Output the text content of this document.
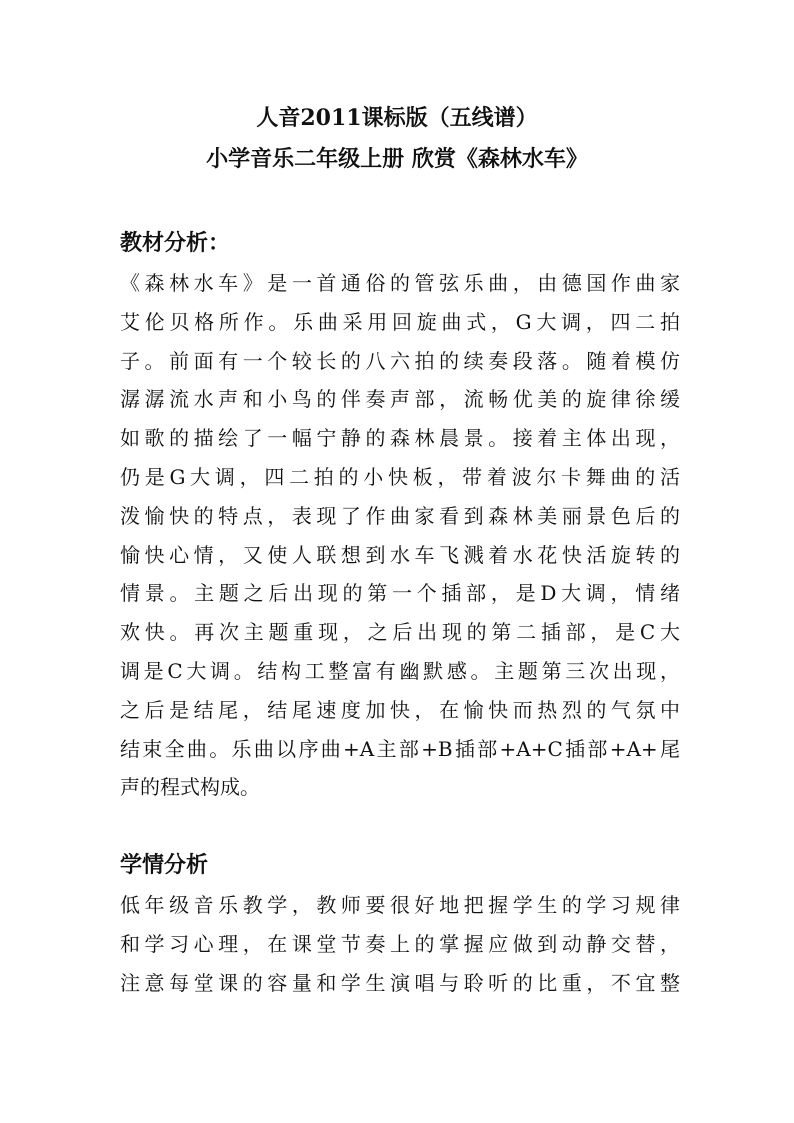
人音2011课标版（五线谱）
小学音乐二年级上册 欣赏《森林水车》
教材分析：
《森林水车》是一首通俗的管弦乐曲，由德国作曲家
艾伦贝格所作。乐曲采用回旋曲式，G大调，四二拍
子。前面有一个较长的八六拍的续奏段落。随着模仿
潺潺流水声和小鸟的伴奏声部，流畅优美的旋律徐缓
如歌的描绘了一幅宁静的森林晨景。接着主体出现，
仍是G大调，四二拍的小快板，带着波尔卡舞曲的活
泼愉快的特点，表现了作曲家看到森林美丽景色后的
愉快心情，又使人联想到水车飞溅着水花快活旋转的
情景。主题之后出现的第一个插部，是D大调，情绪
欢快。再次主题重现，之后出现的第二插部，是C大
调是C大调。结构工整富有幽默感。主题第三次出现，
之后是结尾，结尾速度加快，在愉快而热烈的气氛中
结束全曲。乐曲以序曲+A主部+B插部+A+C插部+A+尾
声的程式构成。
学情分析
低年级音乐教学，教师要很好地把握学生的学习规律
和学习心理，在课堂节奏上的掌握应做到动静交替，
注意每堂课的容量和学生演唱与聆听的比重，不宜整
